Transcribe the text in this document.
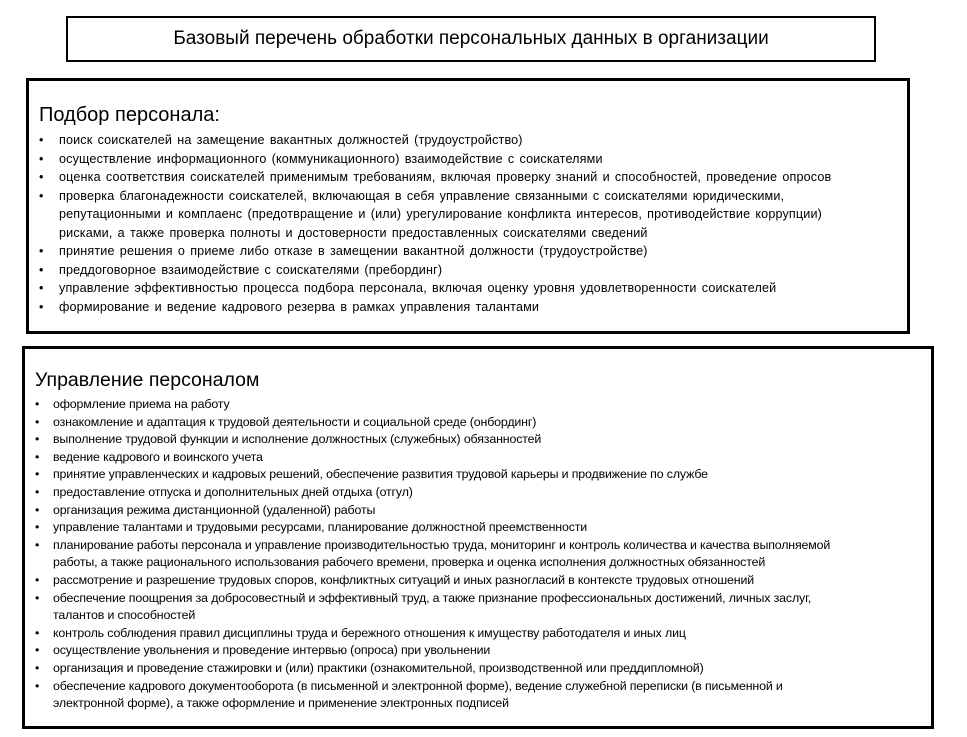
Базовый перечень обработки персональных данных в организации
Подбор персонала:
• поиск соискателей на замещение вакантных должностей (трудоустройство)
• осуществление информационного (коммуникационного) взаимодействие с соискателями
• оценка соответствия соискателей применимым требованиям, включая проверку знаний и способностей, проведение опросов
• проверка благонадежности соискателей, включающая в себя управление связанными с соискателями юридическими,
репутационными и комплаенс (предотвращение и (или) урегулирование конфликта интересов, противодействие коррупции)
рисками, а также проверка полноты и достоверности предоставленных соискателями сведений
• принятие решения о приеме либо отказе в замещении вакантной должности (трудоустройстве)
• преддоговорное взаимодействие с соискателями (пребординг)
• управление эффективностью процесса подбора персонала, включая оценку уровня удовлетворенности соискателей
• формирование и ведение кадрового резерва в рамках управления талантами
Управление персоналом
• оформление приема на работу
• ознакомление и адаптация к трудовой деятельности и социальной среде (онбординг)
• выполнение трудовой функции и исполнение должностных (служебных) обязанностей
• ведение кадрового и воинского учета
• принятие управленческих и кадровых решений, обеспечение развития трудовой карьеры и продвижение по службе
• предоставление отпуска и дополнительных дней отдыха (отгул)
• организация режима дистанционной (удаленной) работы
• управление талантами и трудовыми ресурсами, планирование должностной преемственности
• планирование работы персонала и управление производительностью труда, мониторинг и контроль количества и качества выполняемой
работы, а также рационального использования рабочего времени, проверка и оценка исполнения должностных обязанностей
• рассмотрение и разрешение трудовых споров, конфликтных ситуаций и иных разногласий в контексте трудовых отношений
• обеспечение поощрения за добросовестный и эффективный труд, а также признание профессиональных достижений, личных заслуг,
талантов и способностей
• контроль соблюдения правил дисциплины труда и бережного отношения к имуществу работодателя и иных лиц
• осуществление увольнения и проведение интервью (опроса) при увольнении
• организация и проведение стажировки и (или) практики (ознакомительной, производственной или преддипломной)
• обеспечение кадрового документооборота (в письменной и электронной форме), ведение служебной переписки (в письменной и
электронной форме), а также оформление и применение электронных подписей
